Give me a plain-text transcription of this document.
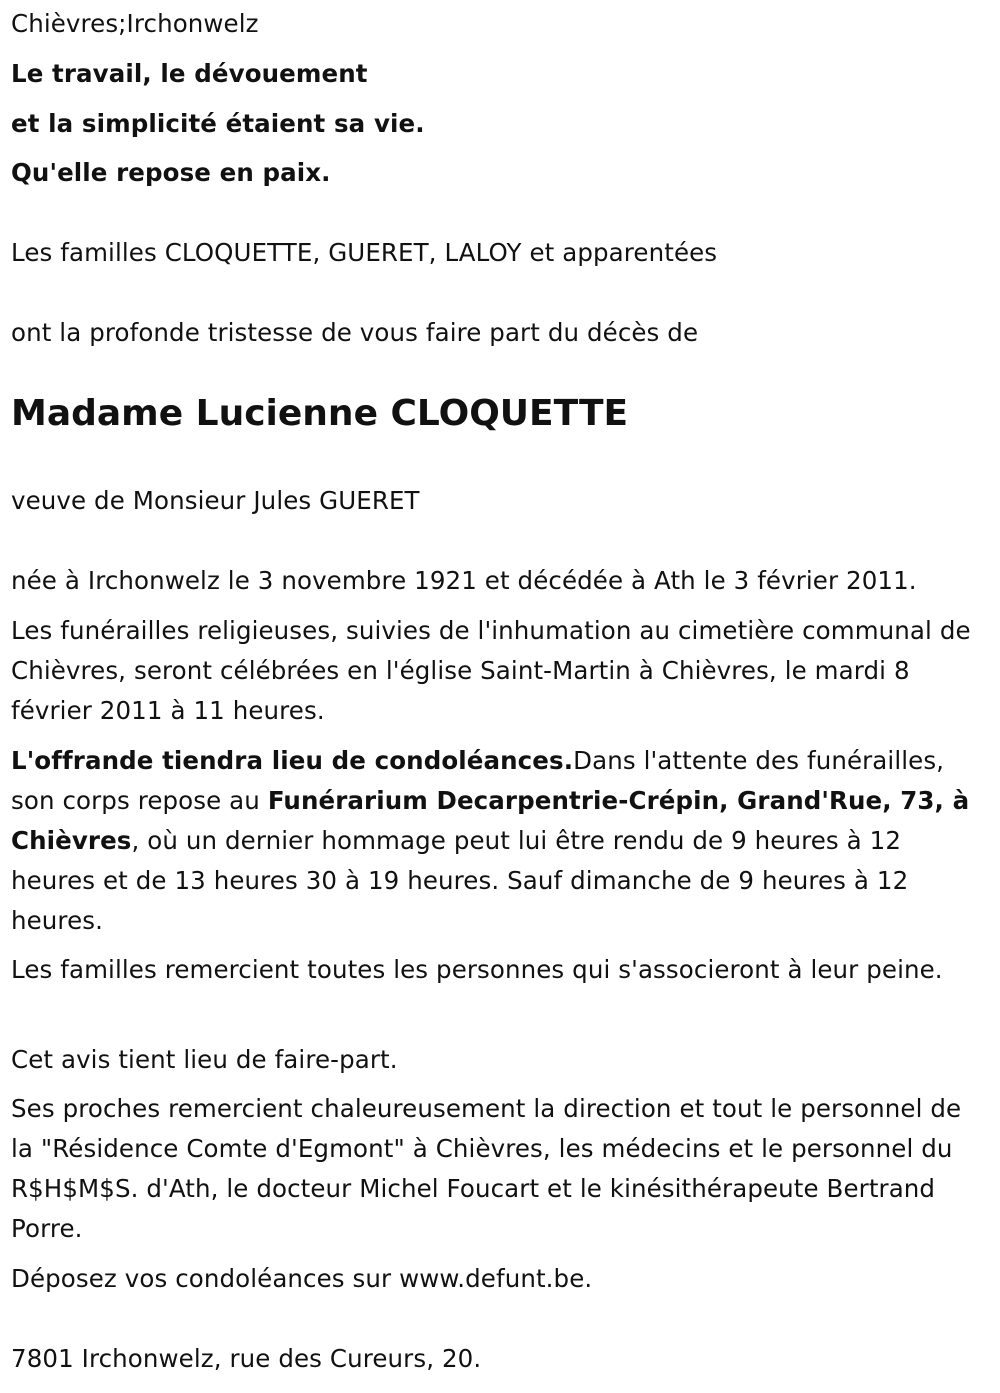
Chièvres;Irchonwelz
Le travail, le dévouement
et la simplicité étaient sa vie.
Qu'elle repose en paix.
Les familles CLOQUETTE, GUERET, LALOY et apparentées
ont la profonde tristesse de vous faire part du décès de
Madame Lucienne CLOQUETTE
veuve de Monsieur Jules GUERET
née à Irchonwelz le 3 novembre 1921 et décédée à Ath le 3 février 2011.
Les funérailles religieuses, suivies de l'inhumation au cimetière communal de Chièvres, seront célébrées en l'église Saint-Martin à Chièvres, le mardi 8 février 2011 à 11 heures.
L'offrande tiendra lieu de condoléances.Dans l'attente des funérailles, son corps repose au Funérarium Decarpentrie-Crépin, Grand'Rue, 73, à Chièvres, où un dernier hommage peut lui être rendu de 9 heures à 12 heures et de 13 heures 30 à 19 heures. Sauf dimanche de 9 heures à 12 heures.
Les familles remercient toutes les personnes qui s'associeront à leur peine.
Cet avis tient lieu de faire-part.
Ses proches remercient chaleureusement la direction et tout le personnel de la "Résidence Comte d'Egmont" à Chièvres, les médecins et le personnel du R$H$M$S. d'Ath, le docteur Michel Foucart et le kinésithérapeute Bertrand Porre.
Déposez vos condoléances sur www.defunt.be.
7801 Irchonwelz, rue des Cureurs, 20.
